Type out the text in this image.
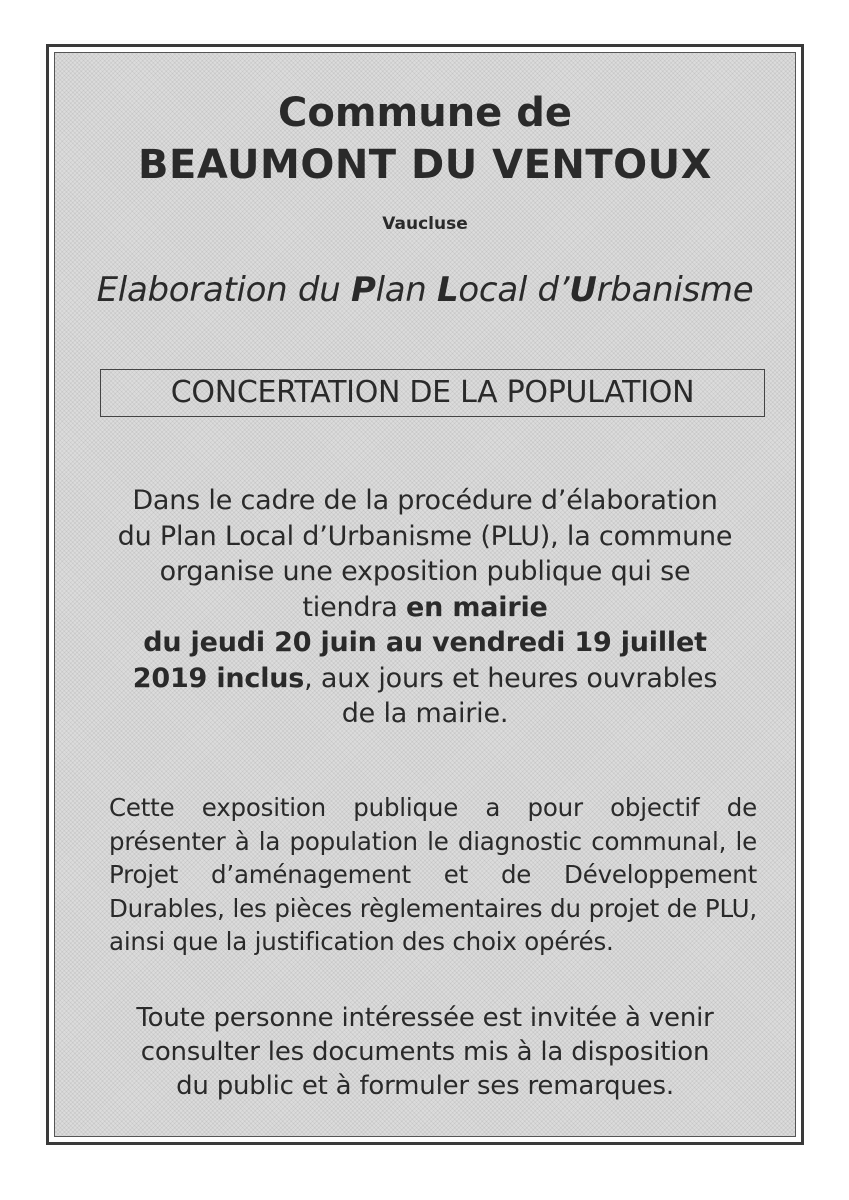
Commune de
BEAUMONT DU VENTOUX
Vaucluse
Elaboration du Plan Local d’Urbanisme
CONCERTATION DE LA POPULATION
Dans le cadre de la procédure d’élaboration
du Plan Local d’Urbanisme (PLU), la commune
organise une exposition publique qui se
tiendra en mairie
du jeudi 20 juin au vendredi 19 juillet
2019 inclus, aux jours et heures ouvrables
de la mairie.
Cette exposition publique a pour objectif de présenter à la population le diagnostic communal, le Projet d’aménagement et de Développement Durables, les pièces règlementaires du projet de PLU, ainsi que la justification des choix opérés.
Toute personne intéressée est invitée à venir
consulter les documents mis à la disposition
du public et à formuler ses remarques.
